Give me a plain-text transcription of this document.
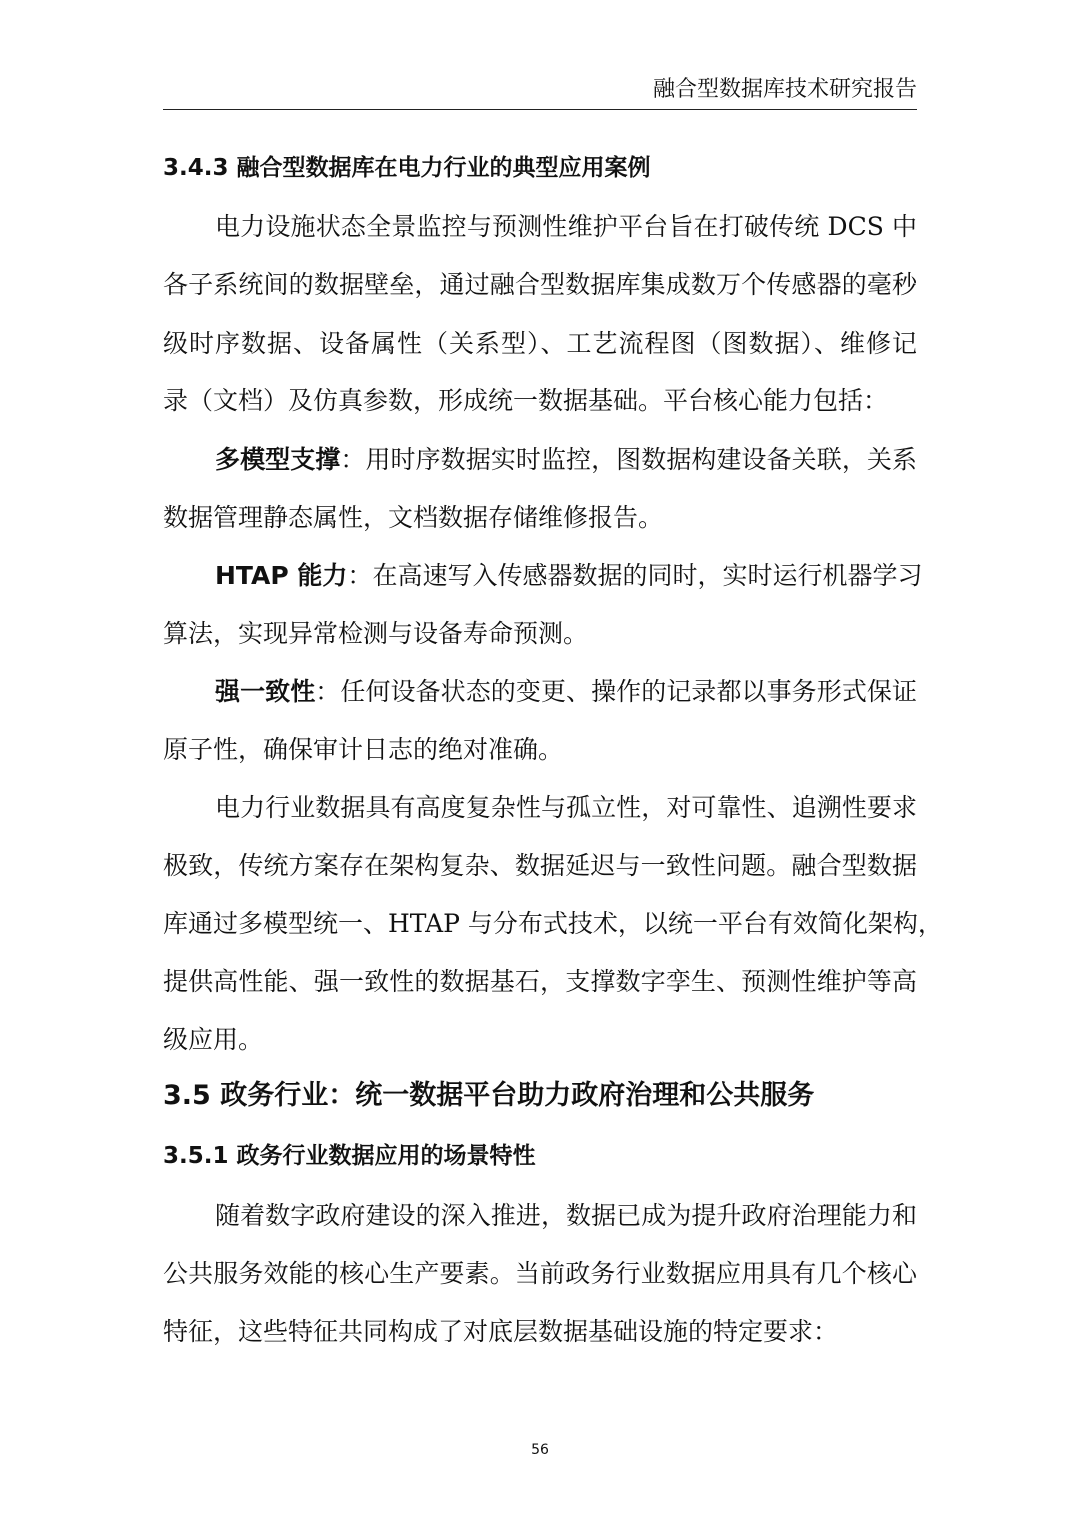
融合型数据库技术研究报告
3.4.3 融合型数据库在电力行业的典型应用案例
电力设施状态全景监控与预测性维护平台旨在打破传统 DCS 中
各子系统间的数据壁垒，通过融合型数据库集成数万个传感器的毫秒
级时序数据、设备属性（关系型）、工艺流程图（图数据）、维修记
录（文档）及仿真参数，形成统一数据基础。平台核心能力包括：
多模型支撑：用时序数据实时监控，图数据构建设备关联，关系
数据管理静态属性，文档数据存储维修报告。
HTAP 能力：在高速写入传感器数据的同时，实时运行机器学习
算法，实现异常检测与设备寿命预测。
强一致性：任何设备状态的变更、操作的记录都以事务形式保证
原子性，确保审计日志的绝对准确。
电力行业数据具有高度复杂性与孤立性，对可靠性、追溯性要求
极致，传统方案存在架构复杂、数据延迟与一致性问题。融合型数据
库通过多模型统一、HTAP 与分布式技术，以统一平台有效简化架构，
提供高性能、强一致性的数据基石，支撑数字孪生、预测性维护等高
级应用。
3.5 政务行业：统一数据平台助力政府治理和公共服务
3.5.1 政务行业数据应用的场景特性
随着数字政府建设的深入推进，数据已成为提升政府治理能力和
公共服务效能的核心生产要素。当前政务行业数据应用具有几个核心
特征，这些特征共同构成了对底层数据基础设施的特定要求：
56
